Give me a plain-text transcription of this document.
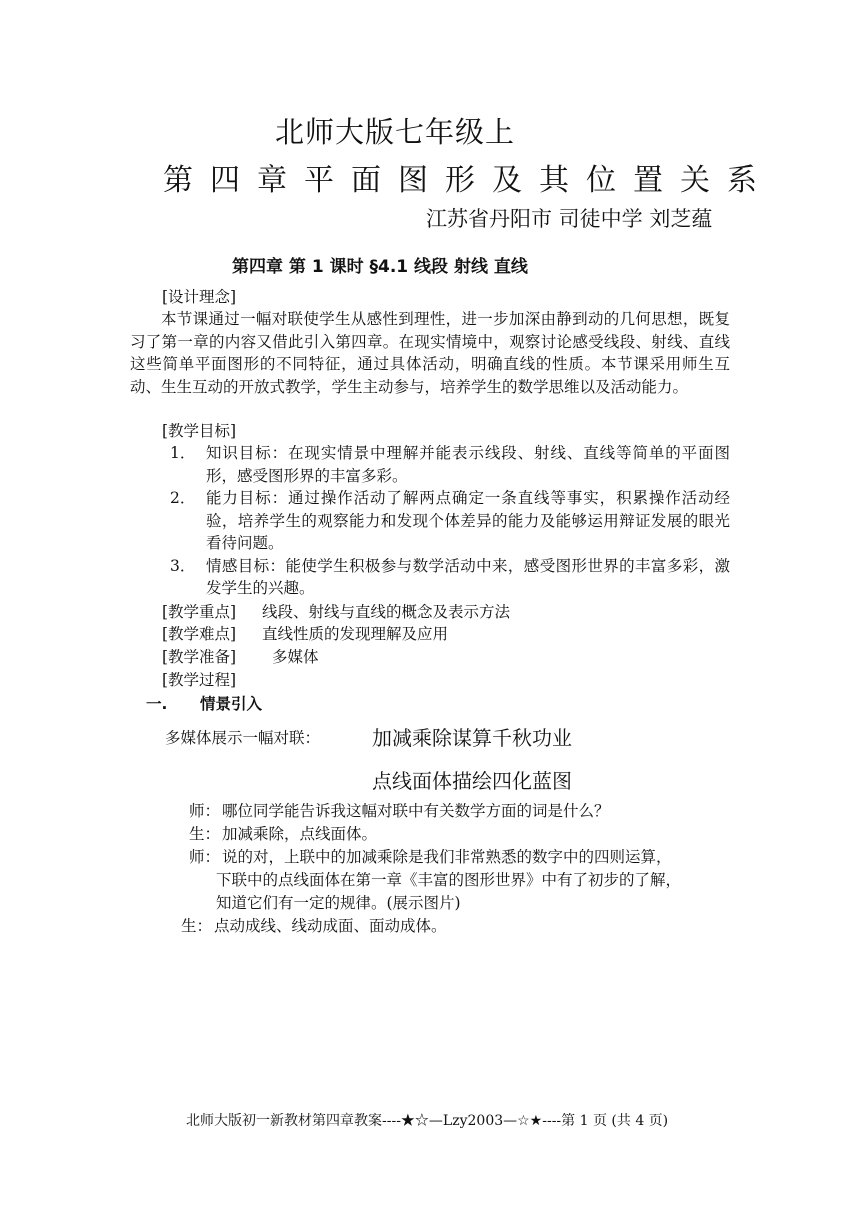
北师大版七年级上
第四章平面图形及其位置关系
江苏省丹阳市 司徒中学 刘芝蕴
第四章 第 1 课时 §4.1 线段 射线 直线
[设计理念]
本节课通过一幅对联使学生从感性到理性，进一步加深由静到动的几何思想，既复习了第一章的内容又借此引入第四章。在现实情境中，观察讨论感受线段、射线、直线这些简单平面图形的不同特征，通过具体活动，明确直线的性质。本节课采用师生互动、生生互动的开放式教学，学生主动参与，培养学生的数学思维以及活动能力。
[教学目标]
1． 知识目标：在现实情景中理解并能表示线段、射线、直线等简单的平面图形，感受图形界的丰富多彩。
2． 能力目标：通过操作活动了解两点确定一条直线等事实，积累操作活动经验，培养学生的观察能力和发现个体差异的能力及能够运用辩证发展的眼光看待问题。
3． 情感目标：能使学生积极参与数学活动中来，感受图形世界的丰富多彩，激发学生的兴趣。
[教学重点] 线段、射线与直线的概念及表示方法
[教学难点] 直线性质的发现理解及应用
[教学准备] 多媒体
[教学过程]
一. 情景引入
多媒体展示一幅对联：	加减乘除谋算千秋功业
点线面体描绘四化蓝图
师： 哪位同学能告诉我这幅对联中有关数学方面的词是什么？
生： 加减乘除，点线面体。
师： 说的对，上联中的加减乘除是我们非常熟悉的数字中的四则运算，
下联中的点线面体在第一章《丰富的图形世界》中有了初步的了解，
知道它们有一定的规律。(展示图片)
生： 点动成线、线动成面、面动成体。
北师大版初一新教材第四章教案----★☆—Lzy2003—☆★----第 1 页 (共 4 页)
